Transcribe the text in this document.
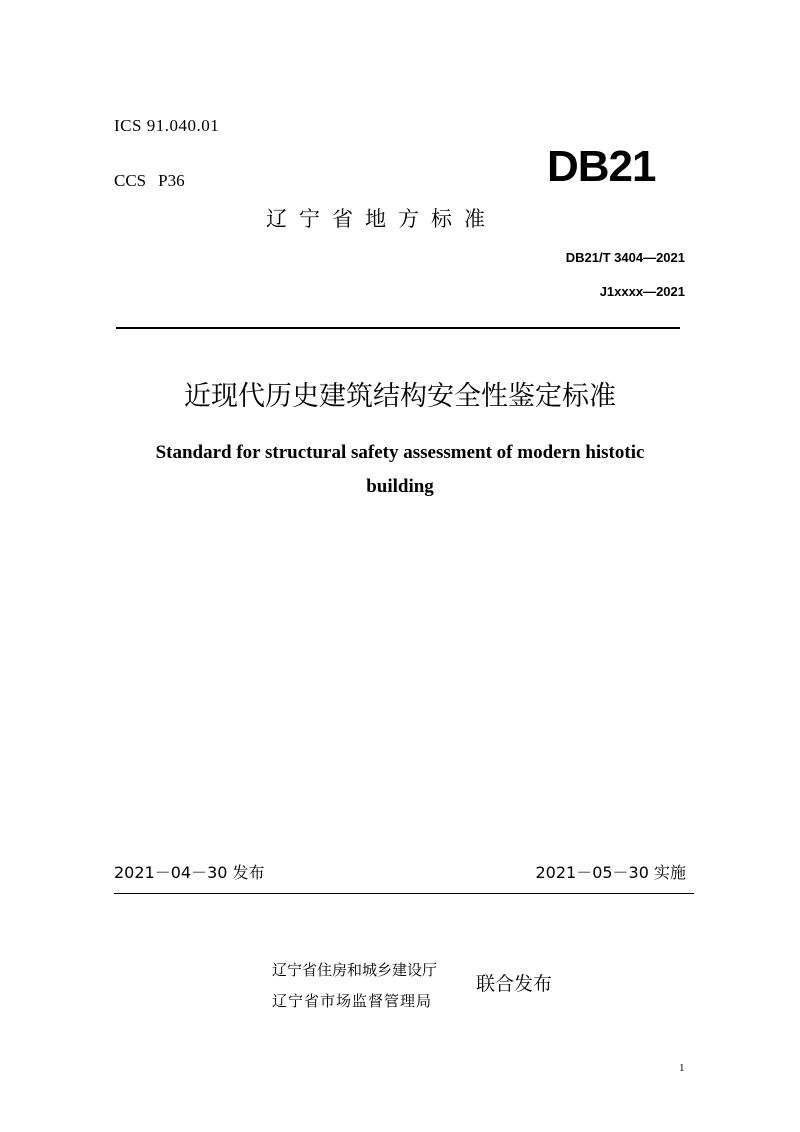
ICS 91.040.01
CCS P36	DB21
辽宁省地方标准
DB21/T 3404—2021
J1xxxx—2021
近现代历史建筑结构安全性鉴定标准
Standard for structural safety assessment of modern histotic building
2021－04－30 发布	2021－05－30 实施
辽宁省住房和城乡建设厅
辽宁省市场监督管理局
联合发布
1
